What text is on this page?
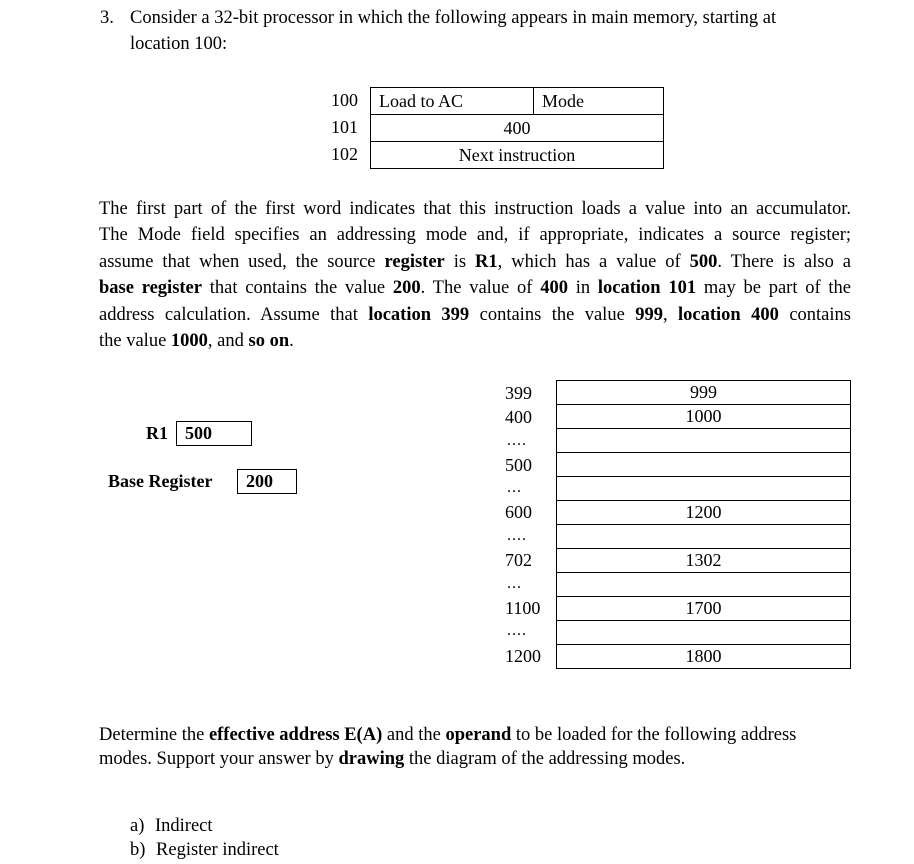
3. Consider a 32-bit processor in which the following appears in main memory, starting at
location 100:
100
101
102
Load to AC	Mode
400
Next instruction
The first part of the first word indicates that this instruction loads a value into an accumulator.
The Mode field specifies an addressing mode and, if appropriate, indicates a source register;
assume that when used, the source register is R1, which has a value of 500. There is also a
base register that contains the value 200. The value of 400 in location 101 may be part of the
address calculation. Assume that location 399 contains the value 999, location 400 contains
the value 1000, and so on.
R1 500
Base Register	200
399
400
....
500
...
600
....
702
...
1100
....
1200
999
1000
1200
1302
1700
1800
Determine the effective address E(A) and the operand to be loaded for the following address
modes. Support your answer by drawing the diagram of the addressing modes.
a) Indirect
b) Register indirect
